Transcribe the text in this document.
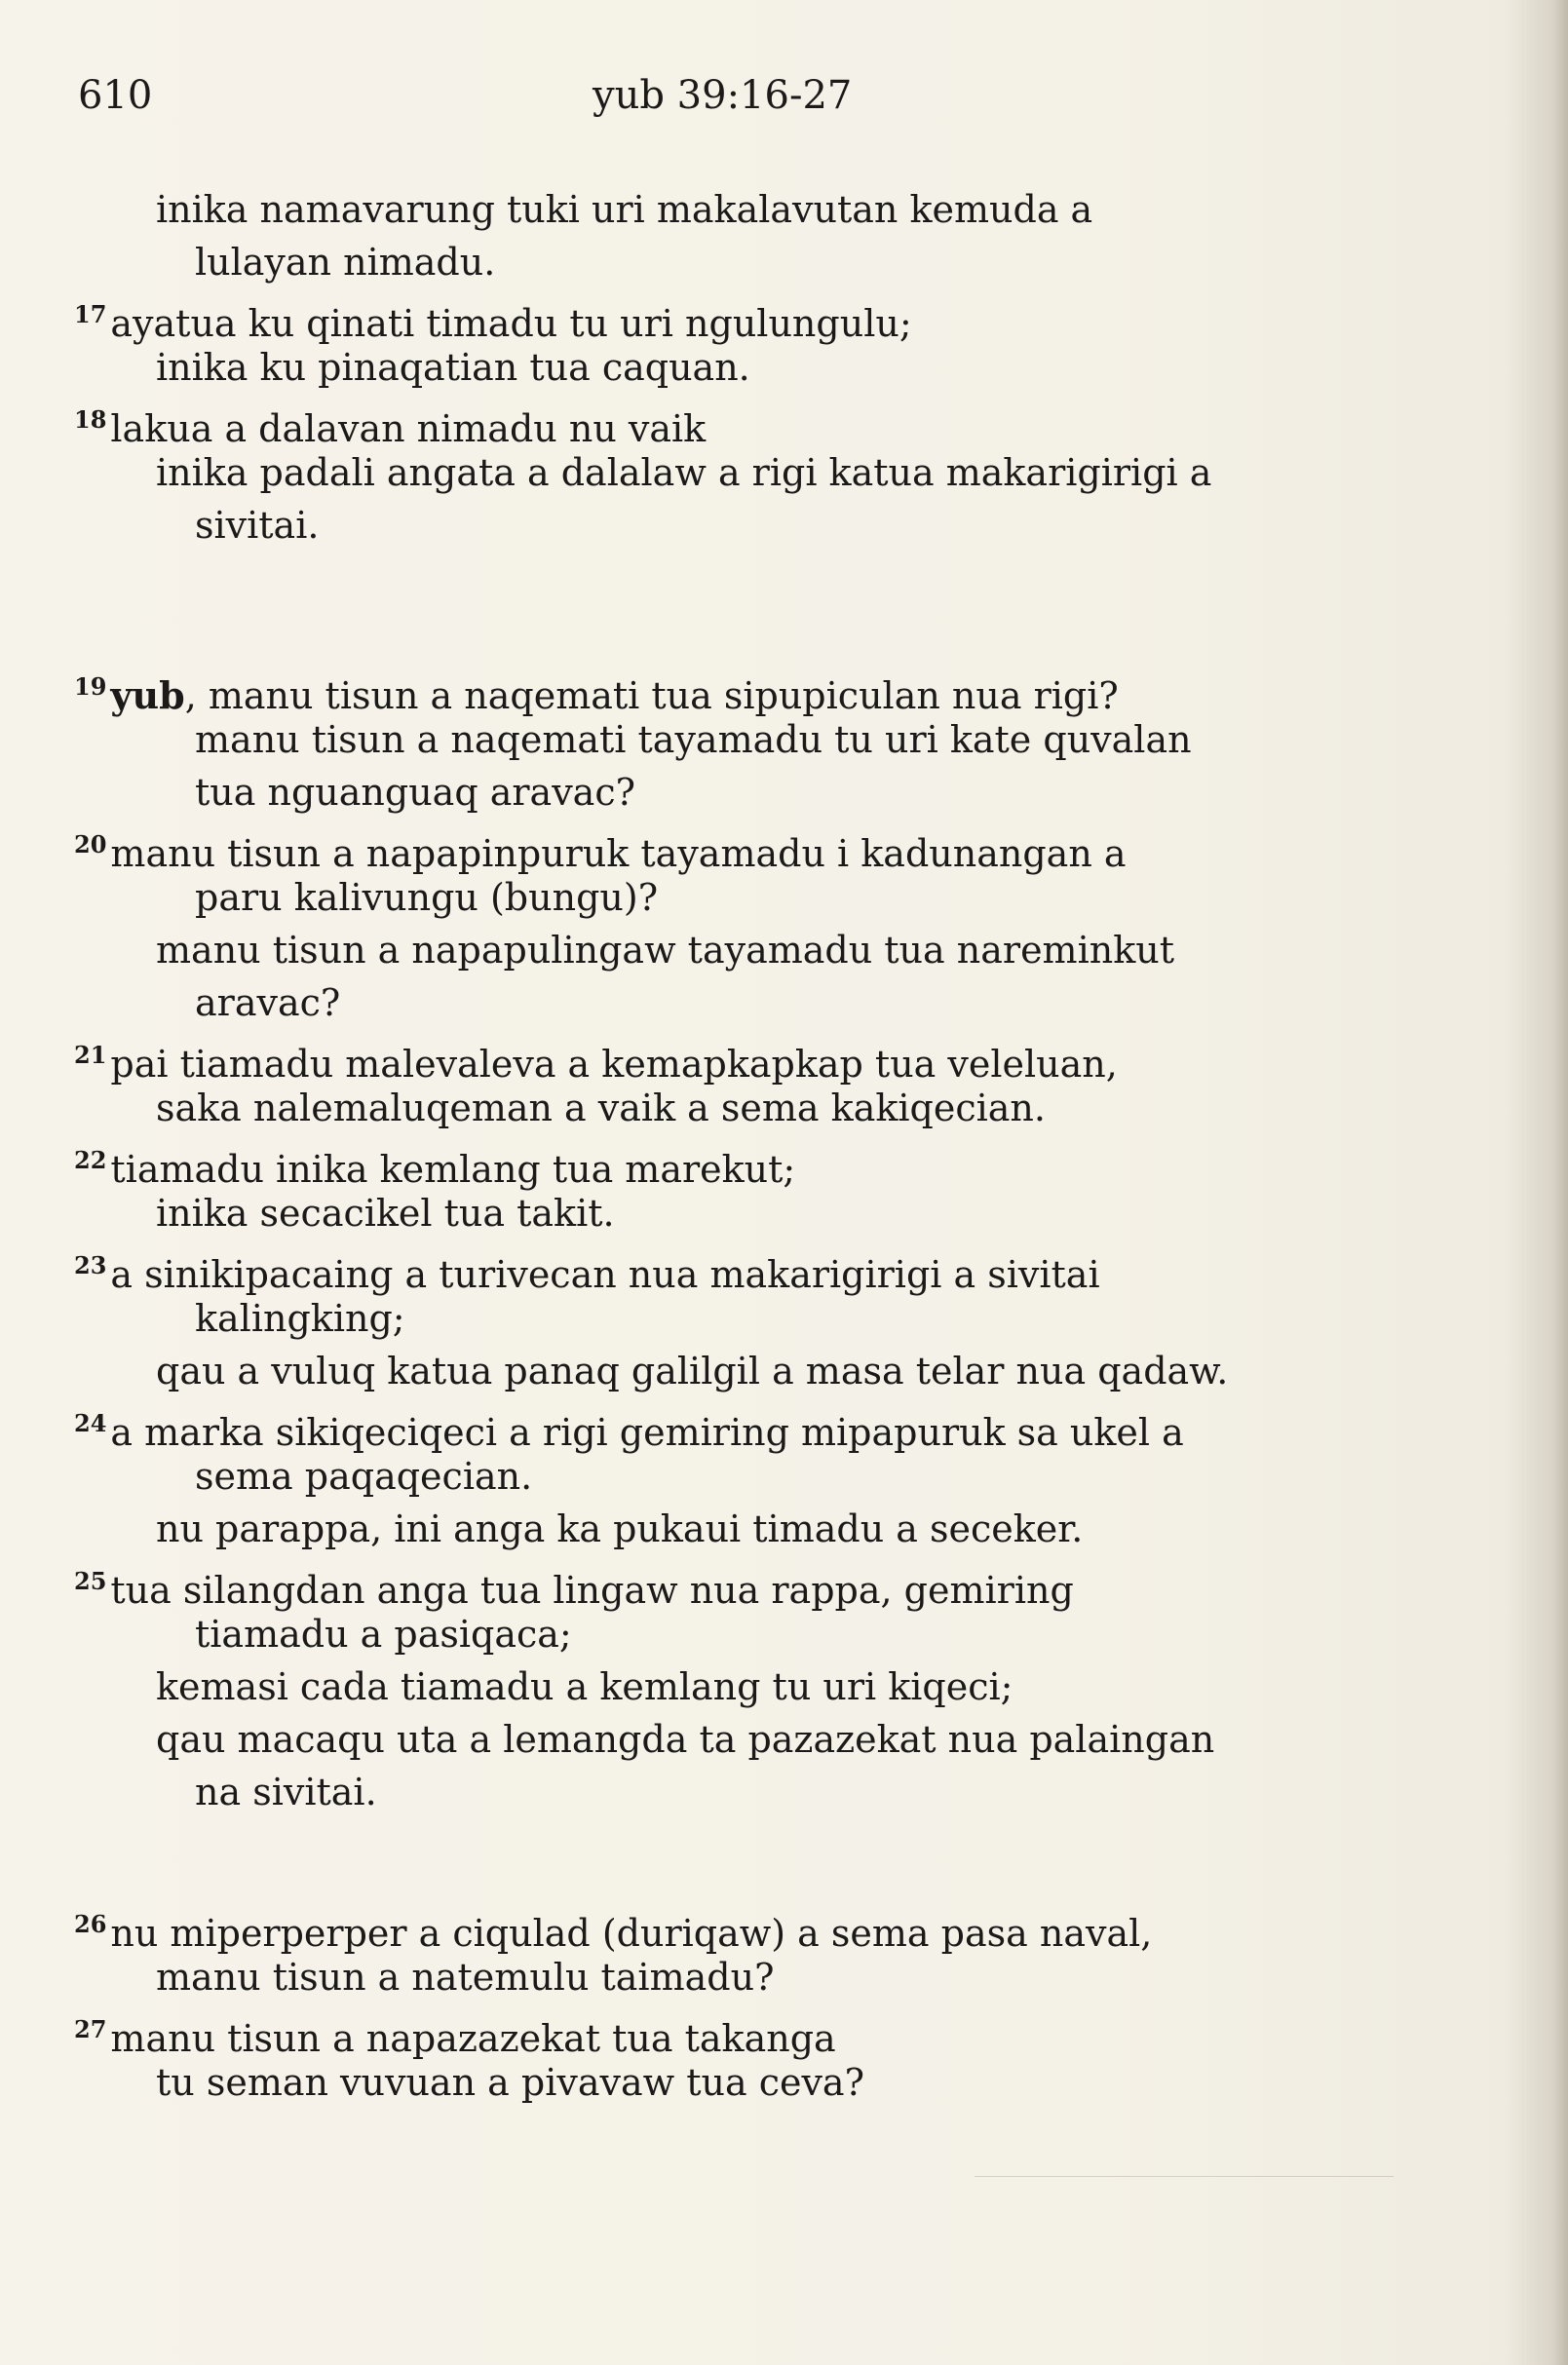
610	yub 39:16-27
inika namavarung tuki uri makalavutan kemuda a
lulayan nimadu.
$^{17}$ ayatua ku qinati timadu tu uri ngulungulu;
inika ku pinaqatian tua caquan.
$^{18}$ lakua a dalavan nimadu nu vaik
inika padali angata a dalalaw a rigi katua makarigirigi a
sivitai.
$^{19}$ yub, manu tisun a naqemati tua sipupiculan nua rigi?
manu tisun a naqemati tayamadu tu uri kate quvalan
tua nguanguaq aravac?
$^{20}$ manu tisun a napapinpuruk tayamadu i kadunangan a
paru kalivungu (bungu)?
manu tisun a napapulingaw tayamadu tua nareminkut
aravac?
$^{21}$ pai tiamadu malevaleva a kemapkapkap tua veleluan,
saka nalemaluqeman a vaik a sema kakiqecian.
$^{22}$ tiamadu inika kemlang tua marekut;
inika secacikel tua takit.
$^{23}$ a sinikipacaing a turivecan nua makarigirigi a sivitai
kalingking;
qau a vuluq katua panaq galilgil a masa telar nua qadaw.
$^{24}$ a marka sikiqeciqeci a rigi gemiring mipapuruk sa ukel a
sema paqaqecian.
nu parappa, ini anga ka pukaui timadu a seceker.
$^{25}$ tua silangdan anga tua lingaw nua rappa, gemiring
tiamadu a pasiqaca;
kemasi cada tiamadu a kemlang tu uri kiqeci;
qau macaqu uta a lemangda ta pazazekat nua palaingan
na sivitai.
$^{26}$ nu miperperper a ciqulad (duriqaw) a sema pasa naval,
manu tisun a natemulu taimadu?
$^{27}$ manu tisun a napazazekat tua takanga
tu seman vuvuan a pivavaw tua ceva?
